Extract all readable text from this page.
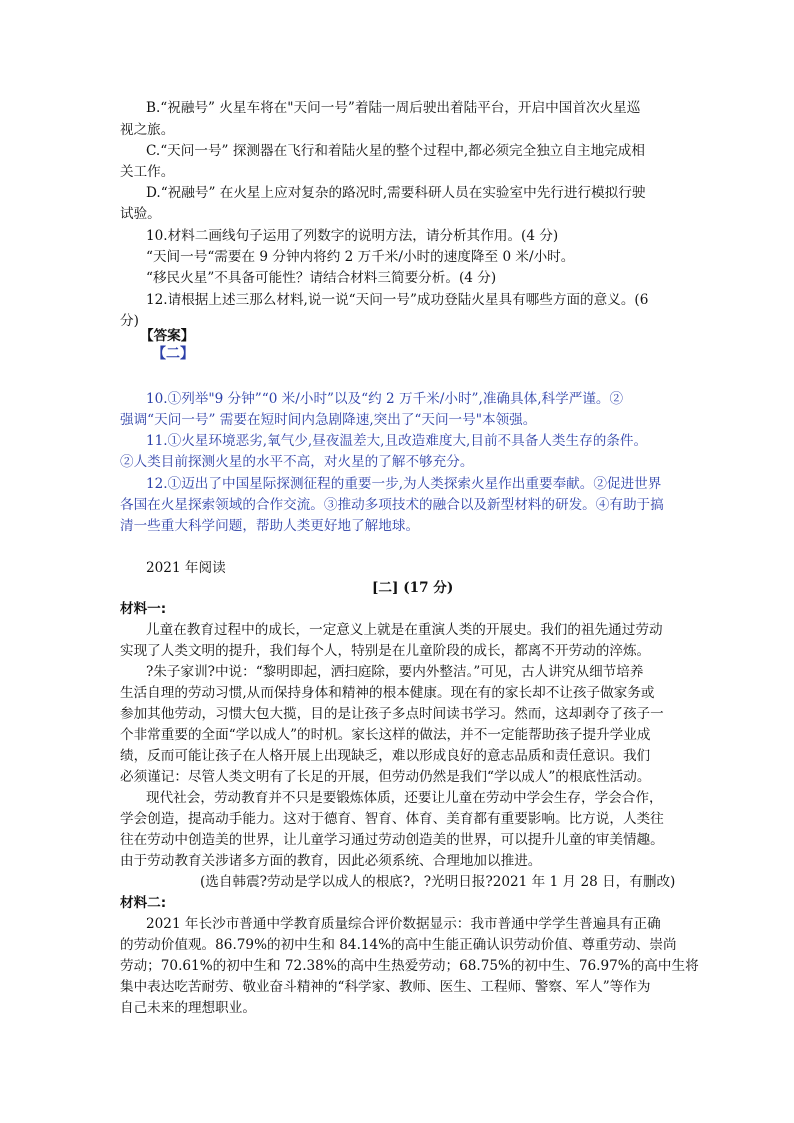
B.“祝融号” 火星车将在"天问一号”着陆一周后驶出着陆平台，开启中国首次火星巡
视之旅。
C.“天问一号” 探测器在飞行和着陆火星的整个过程中,都必须完全独立自主地完成相
关工作。
D.“祝融号” 在火星上应对复杂的路况时,需要科研人员在实验室中先行进行模拟行驶
试验。
10.材料二画线句子运用了列数字的说明方法，请分析其作用。(4 分)
“天间一号“需要在 9 分钟内将约 2 万千米/小时的速度降至 0 米/小时。
“移民火星”不具备可能性？请结合材料三简要分析。(4 分)
12.请根据上述三那么材料,说一说“天问一号”成功登陆火星具有哪些方面的意义。(6
分)
【答案】
【二】
10.①列举"9 分钟”“0 米/小时”以及“约 2 万千米/小时”,准确具体,科学严谨。②
强调“天问一号” 需要在短时间内急剧降速,突出了“天问一号"本领强。
11.①火星环境恶劣,氧气少,昼夜温差大,且改造难度大,目前不具备人类生存的条件。
②人类目前探测火星的水平不高，对火星的了解不够充分。
12.①迈出了中国星际探测征程的重要一步,为人类探索火星作出重要奉献。②促进世界
各国在火星探索领域的合作交流。③推动多项技术的融合以及新型材料的研发。④有助于搞
清一些重大科学问题，帮助人类更好地了解地球。
2021 年阅读
[二] (17 分)
材料一:
儿童在教育过程中的成长，一定意义上就是在重演人类的开展史。我们的祖先通过劳动
实现了人类文明的提升，我们每个人，特别是在儿童阶段的成长，都离不开劳动的淬炼。
?朱子家训?中说：“黎明即起，洒扫庭除，要内外整洁。”可见，古人讲究从细节培养
生活自理的劳动习惯,从而保持身体和精神的根本健康。现在有的家长却不让孩子做家务或
参加其他劳动，习惯大包大揽，目的是让孩子多点时间读书学习。然而，这却剥夺了孩子一
个非常重要的全面“学以成人”的时机。家长这样的做法，并不一定能帮助孩子提升学业成
绩，反而可能让孩子在人格开展上出现缺乏，难以形成良好的意志品质和责任意识。我们
必须谨记：尽管人类文明有了长足的开展，但劳动仍然是我们“学以成人”的根底性活动。
现代社会，劳动教育并不只是要锻炼体质，还要让儿童在劳动中学会生存，学会合作，
学会创造，提高动手能力。这对于德育、智育、体育、美育都有重要影响。比方说，人类往
往在劳动中创造美的世界，让儿童学习通过劳动创造美的世界，可以提升儿童的审美情趣。
由于劳动教育关涉诸多方面的教育，因此必须系统、合理地加以推进。
(选自韩震?劳动是学以成人的根底?，?光明日报?2021 年 1 月 28 日，有删改)
材料二:
2021 年长沙市普通中学教育质量综合评价数据显示：我市普通中学学生普遍具有正确
的劳动价值观。86.79%的初中生和 84.14%的高中生能正确认识劳动价值、尊重劳动、崇尚
劳动；70.61%的初中生和 72.38%的高中生热爱劳动；68.75%的初中生、76.97%的高中生将
集中表达吃苦耐劳、敬业奋斗精神的“科学家、教师、医生、工程师、警察、军人”等作为
自己未来的理想职业。
